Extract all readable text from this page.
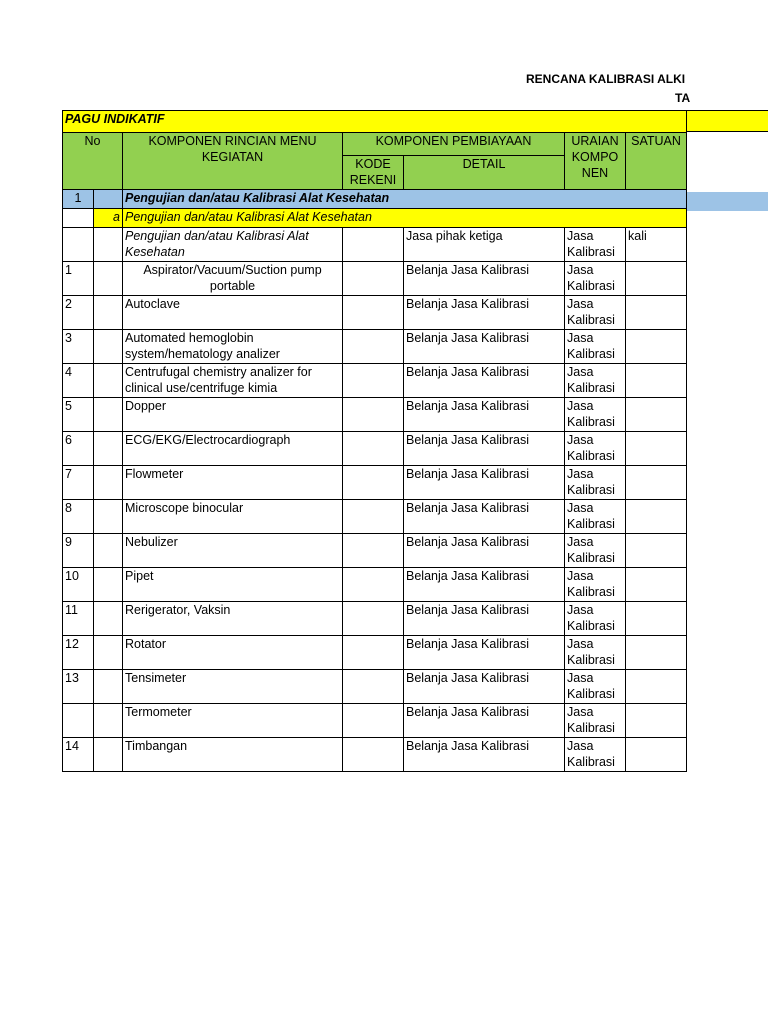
RENCANA KALIBRASI ALKI
TA
PAGU INDIKATIF						
No		KOMPONEN RINCIAN MENU KEGIATAN	KOMPONEN PEMBIAYAAN		URAIAN KOMPO NEN	SATUAN
			KODE REKENI	DETAIL		
1		Pengujian dan/atau Kalibrasi Alat Kesehatan				
	a	Pengujian dan/atau Kalibrasi Alat Kesehatan				
		Pengujian dan/atau Kalibrasi Alat Kesehatan		Jasa pihak ketiga	Jasa Kalibrasi	kali
1		Aspirator/Vacuum/Suction pump portable		Belanja Jasa Kalibrasi	Jasa Kalibrasi	
2		Autoclave		Belanja Jasa Kalibrasi	Jasa Kalibrasi	
3		Automated hemoglobin system/hematology analizer		Belanja Jasa Kalibrasi	Jasa Kalibrasi	
4		Centrufugal chemistry analizer for clinical use/centrifuge kimia		Belanja Jasa Kalibrasi	Jasa Kalibrasi	
5		Dopper		Belanja Jasa Kalibrasi	Jasa Kalibrasi	
6		ECG/EKG/Electrocardiograph		Belanja Jasa Kalibrasi	Jasa Kalibrasi	
7		Flowmeter		Belanja Jasa Kalibrasi	Jasa Kalibrasi	
8		Microscope binocular		Belanja Jasa Kalibrasi	Jasa Kalibrasi	
9		Nebulizer		Belanja Jasa Kalibrasi	Jasa Kalibrasi	
10		Pipet		Belanja Jasa Kalibrasi	Jasa Kalibrasi	
11		Rerigerator, Vaksin		Belanja Jasa Kalibrasi	Jasa Kalibrasi	
12		Rotator		Belanja Jasa Kalibrasi	Jasa Kalibrasi	
13		Tensimeter		Belanja Jasa Kalibrasi	Jasa Kalibrasi	
		Termometer		Belanja Jasa Kalibrasi	Jasa Kalibrasi	
14		Timbangan		Belanja Jasa Kalibrasi	Jasa Kalibrasi	
